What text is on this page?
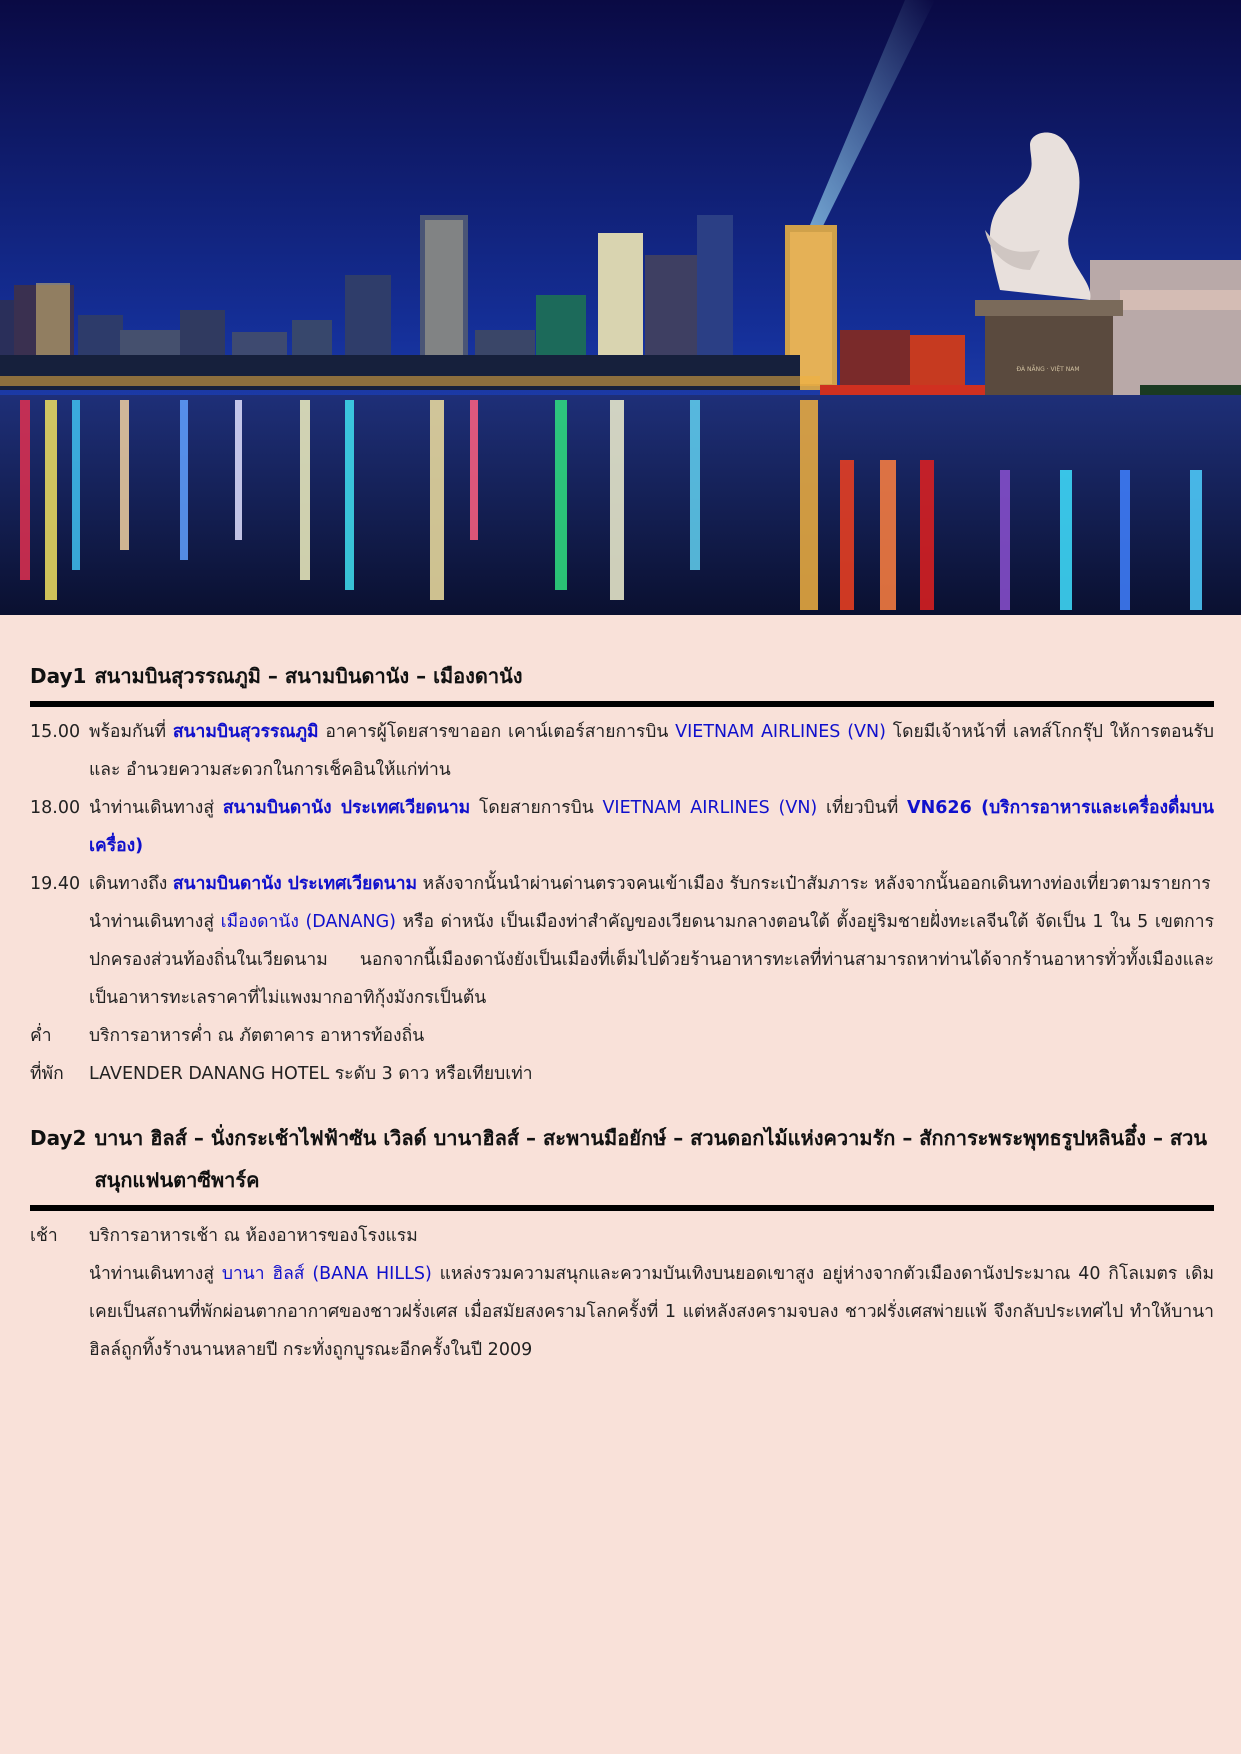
ĐÀ NẴNG · VIỆT NAM
Day1 สนามบินสุวรรณภูมิ – สนามบินดานัง – เมืองดานัง
15.00 พร้อมกันที่ สนามบินสุวรรณภูมิ อาคารผู้โดยสารขาออก เคาน์เตอร์สายการบิน VIETNAM AIRLINES (VN) โดยมีเจ้าหน้าที่ เลทส์โกกรุ๊ป ให้การตอนรับ และ อำนวยความสะดวกในการเช็คอินให้แก่ท่าน
18.00 นำท่านเดินทางสู่ สนามบินดานัง ประเทศเวียดนาม โดยสายการบิน VIETNAM AIRLINES (VN) เที่ยวบินที่ VN626 (บริการอาหารและเครื่องดื่มบนเครื่อง)
19.40 เดินทางถึง สนามบินดานัง ประเทศเวียดนาม หลังจากนั้นนำผ่านด่านตรวจคนเข้าเมือง รับกระเป๋าสัมภาระ หลังจากนั้นออกเดินทางท่องเที่ยวตามรายการ
นำท่านเดินทางสู่ เมืองดานัง (DANANG) หรือ ด่าหนัง เป็นเมืองท่าสำคัญของเวียดนามกลางตอนใต้ ตั้งอยู่ริมชายฝั่งทะเลจีนใต้ จัดเป็น 1 ใน 5 เขตการปกครองส่วนท้องถิ่นในเวียดนาม นอกจากนี้เมืองดานังยังเป็นเมืองที่เต็มไปด้วยร้านอาหารทะเลที่ท่านสามารถหาท่านได้จากร้านอาหารทั่วทั้งเมืองและเป็นอาหารทะเลราคาที่ไม่แพงมากอาทิกุ้งมังกรเป็นต้น
ค่ำ	บริการอาหารค่ำ ณ ภัตตาคาร อาหารท้องถิ่น
ที่พัก	LAVENDER DANANG HOTEL ระดับ 3 ดาว หรือเทียบเท่า
Day2 บานา ฮิลส์ – นั่งกระเช้าไฟฟ้าซัน เวิลด์ บานาฮิลส์ – สะพานมือยักษ์ – สวนดอกไม้แห่งความรัก – สักการะพระพุทธรูปหลินอึ๋ง – สวนสนุกแฟนตาซีพาร์ค
เช้า	บริการอาหารเช้า ณ ห้องอาหารของโรงแรม
นำท่านเดินทางสู่ บานา ฮิลส์ (BANA HILLS) แหล่งรวมความสนุกและความบันเทิงบนยอดเขาสูง อยู่ห่างจากตัวเมืองดานังประมาณ 40 กิโลเมตร เดิมเคยเป็นสถานที่พักผ่อนตากอากาศของชาวฝรั่งเศส เมื่อสมัยสงครามโลกครั้งที่ 1 แต่หลังสงครามจบลง ชาวฝรั่งเศสพ่ายแพ้ จึงกลับประเทศไป ทำให้บานาฮิลล์ถูกทิ้งร้างนานหลายปี กระทั่งถูกบูรณะอีกครั้งในปี 2009
